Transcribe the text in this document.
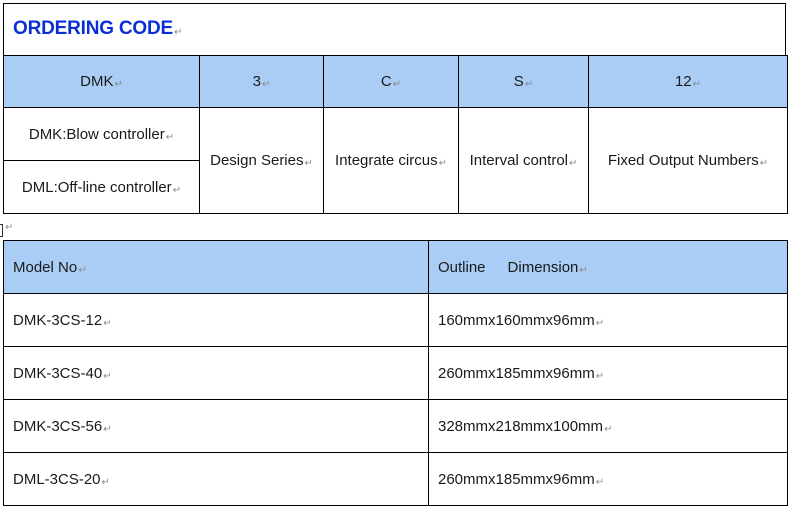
ORDERING CODE↵
DMK↵	3↵	C↵	S↵	12↵
DMK:Blow controller↵	Design Series↵	Integrate circus↵	Interval control↵	Fixed Output Numbers↵
DML:Off-line controller↵				
↵
Model No↵	Outline Dimension↵
DMK-3CS-12↵	160mmx160mmx96mm↵
DMK-3CS-40↵	260mmx185mmx96mm↵
DMK-3CS-56↵	328mmx218mmx100mm↵
DML-3CS-20↵	260mmx185mmx96mm↵
